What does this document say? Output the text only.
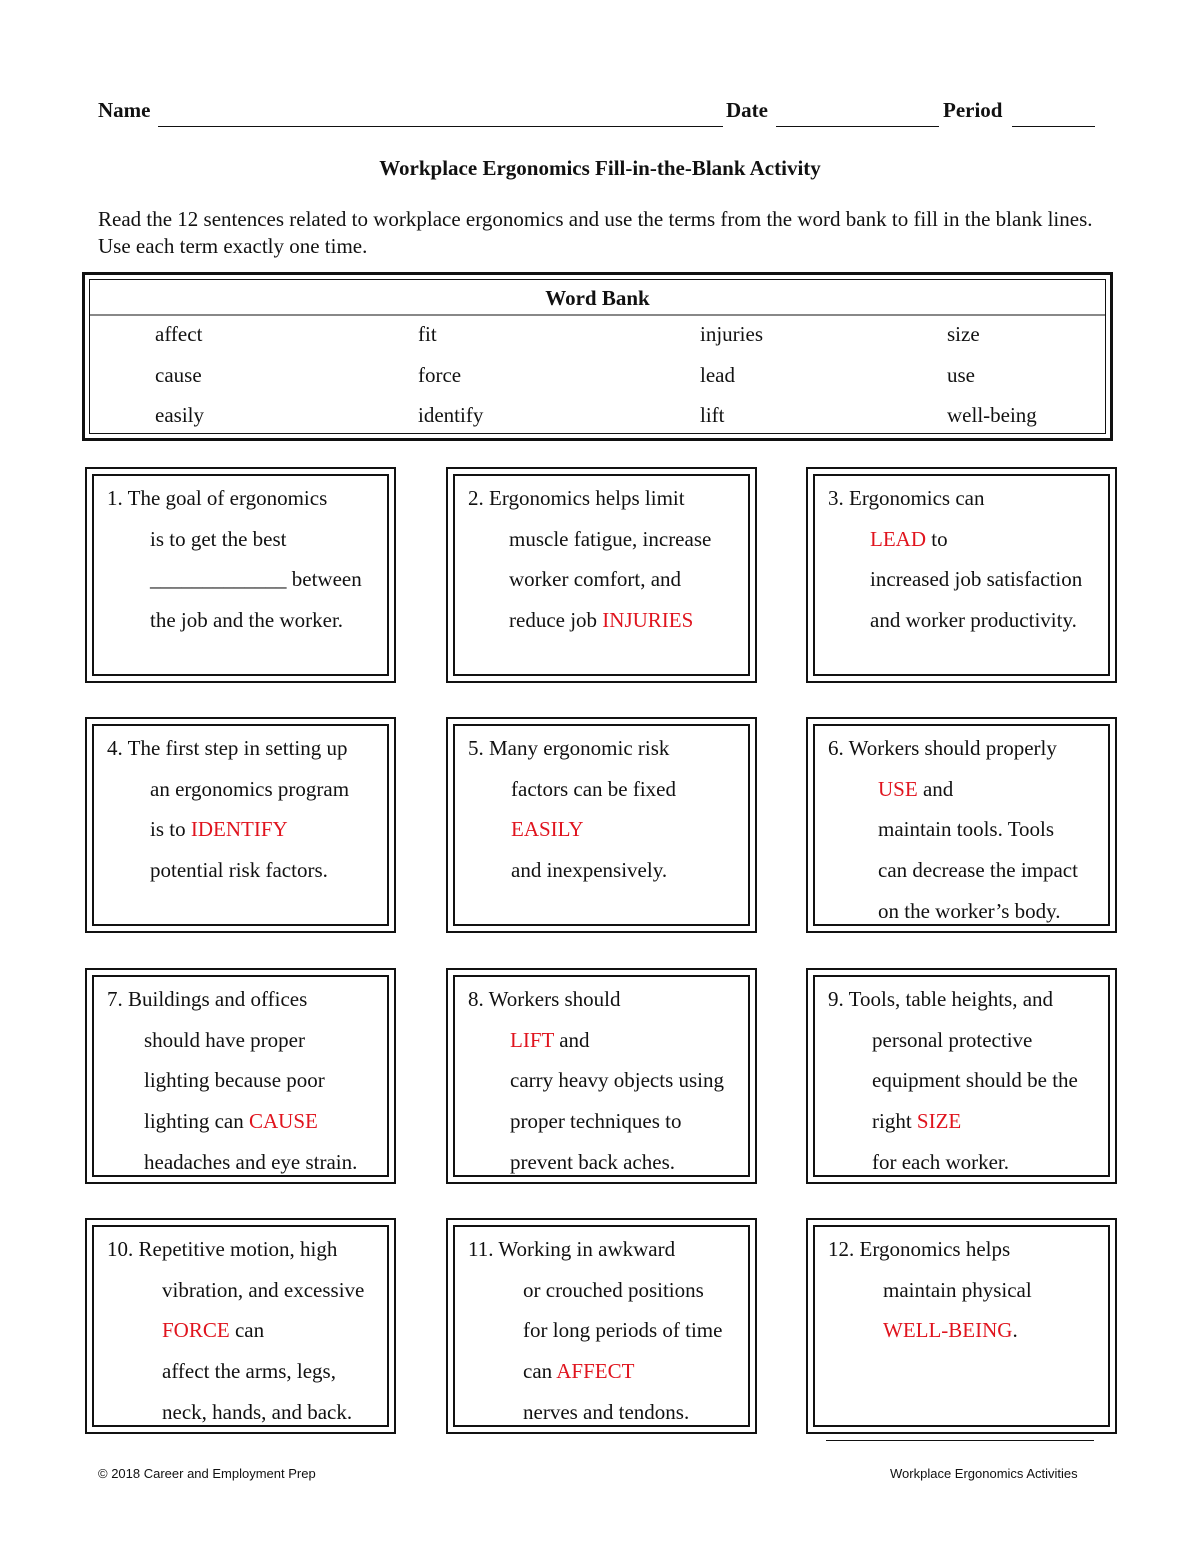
Name	Date	Period
Workplace Ergonomics Fill-in-the-Blank Activity
Read the 12 sentences related to workplace ergonomics and use the terms from the word bank to fill in the blank lines. Use each term exactly one time.
Word Bank
affect	fit	injuries	size
cause	force	lead	use
easily	identify	lift	well-being
1. The goal of ergonomics
is to get the best
_____________ between
the job and the worker.
2. Ergonomics helps limit
muscle fatigue, increase
worker comfort, and
reduce job INJURIES
3. Ergonomics can
LEAD to
increased job satisfaction
and worker productivity.
4. The first step in setting up
an ergonomics program
is to IDENTIFY
potential risk factors.
5. Many ergonomic risk
factors can be fixed
EASILY
and inexpensively.
6. Workers should properly
USE and
maintain tools. Tools
can decrease the impact
on the worker’s body.
7. Buildings and offices
should have proper
lighting because poor
lighting can CAUSE
headaches and eye strain.
8. Workers should
LIFT and
carry heavy objects using
proper techniques to
prevent back aches.
9. Tools, table heights, and
personal protective
equipment should be the
right SIZE
for each worker.
10. Repetitive motion, high
vibration, and excessive
FORCE can
affect the arms, legs,
neck, hands, and back.
11. Working in awkward
or crouched positions
for long periods of time
can AFFECT
nerves and tendons.
12. Ergonomics helps
maintain physical
WELL-BEING.
© 2018 Career and Employment Prep	Workplace Ergonomics Activities
